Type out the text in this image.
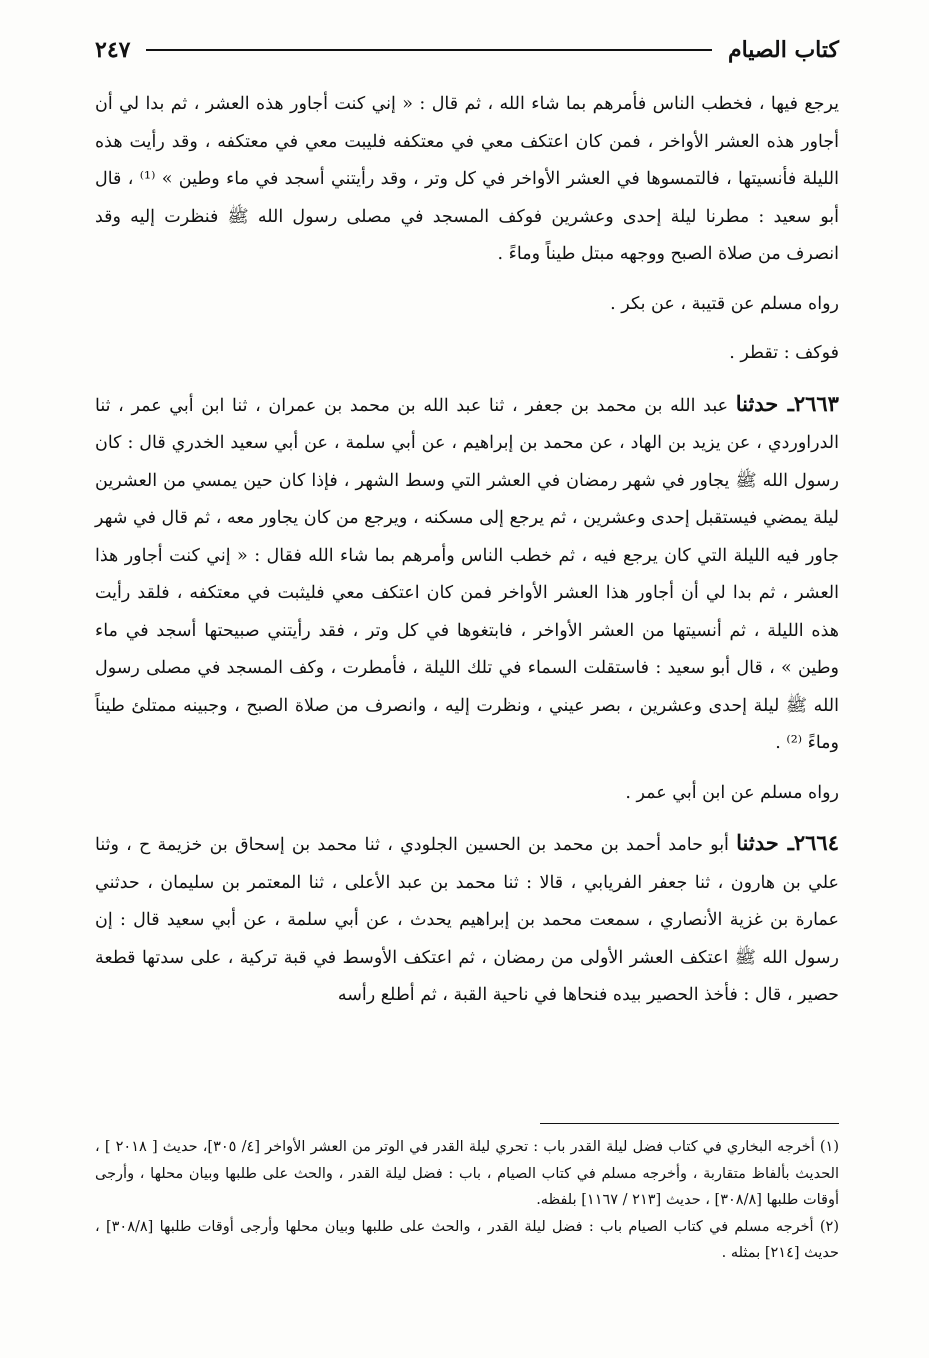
كتاب الصيام
٢٤٧

يرجع فيها ، فخطب الناس فأمرهم بما شاء الله ، ثم قال : « إني كنت أجاور هذه العشر ، ثم بدا لي أن أجاور هذه العشر الأواخر ، فمن كان اعتكف معي في معتكفه فليبت معي في معتكفه ، وقد رأيت هذه الليلة فأنسيتها ، فالتمسوها في العشر الأواخر في كل وتر ، وقد رأيتني أسجد في ماء وطين » ⁽¹⁾ ، قال أبو سعيد : مطرنا ليلة إحدى وعشرين فوكف المسجد في مصلى رسول الله ﷺ فنظرت إليه وقد انصرف من صلاة الصبح ووجهه مبتل طيناً وماءً .

رواه مسلم عن قتيبة ، عن بكر .

فوكف : تقطر .

٢٦٦٣ـ حدثنا عبد الله بن محمد بن جعفر ، ثنا عبد الله بن محمد بن عمران ، ثنا ابن أبي عمر ، ثنا الدراوردي ، عن يزيد بن الهاد ، عن محمد بن إبراهيم ، عن أبي سلمة ، عن أبي سعيد الخدري قال : كان رسول الله ﷺ يجاور في شهر رمضان في العشر التي وسط الشهر ، فإذا كان حين يمسي من العشرين ليلة يمضي فيستقبل إحدى وعشرين ، ثم يرجع إلى مسكنه ، ويرجع من كان يجاور معه ، ثم قال في شهر جاور فيه الليلة التي كان يرجع فيه ، ثم خطب الناس وأمرهم بما شاء الله فقال : « إني كنت أجاور هذا العشر ، ثم بدا لي أن أجاور هذا العشر الأواخر فمن كان اعتكف معي فليثبت في معتكفه ، فلقد رأيت هذه الليلة ، ثم أنسيتها من العشر الأواخر ، فابتغوها في كل وتر ، فقد رأيتني صبيحتها أسجد في ماء وطين » ، قال أبو سعيد : فاستقلت السماء في تلك الليلة ، فأمطرت ، وكف المسجد في مصلى رسول الله ﷺ ليلة إحدى وعشرين ، بصر عيني ، ونظرت إليه ، وانصرف من صلاة الصبح ، وجبينه ممتلئ طيناً وماءً ⁽²⁾ .

رواه مسلم عن ابن أبي عمر .

٢٦٦٤ـ حدثنا أبو حامد أحمد بن محمد بن الحسين الجلودي ، ثنا محمد بن إسحاق بن خزيمة ح ، وثنا علي بن هارون ، ثنا جعفر الفريابي ، قالا : ثنا محمد بن عبد الأعلى ، ثنا المعتمر بن سليمان ، حدثني عمارة بن غزية الأنصاري ، سمعت محمد بن إبراهيم يحدث ، عن أبي سلمة ، عن أبي سعيد قال : إن رسول الله ﷺ اعتكف العشر الأولى من رمضان ، ثم اعتكف الأوسط في قبة تركية ، على سدتها قطعة حصير ، قال : فأخذ الحصير بيده فنحاها في ناحية القبة ، ثم أطلع رأسه

(١) أخرجه البخاري في كتاب فضل ليلة القدر باب : تحري ليلة القدر في الوتر من العشر الأواخر [٤/ ٣٠٥]، حديث [ ٢٠١٨ ] ، الحديث بألفاظ متقاربة ، وأخرجه مسلم في كتاب الصيام ، باب : فضل ليلة القدر ، والحث على طلبها وبيان محلها ، وأرجى أوقات طلبها [٣٠٨/٨] ، حديث [٢١٣ / ١١٦٧] بلفظه.

(٢) أخرجه مسلم في كتاب الصيام باب : فضل ليلة القدر ، والحث على طلبها وبيان محلها وأرجى أوقات طلبها [٣٠٨/٨] ، حديث [٢١٤] بمثله .
